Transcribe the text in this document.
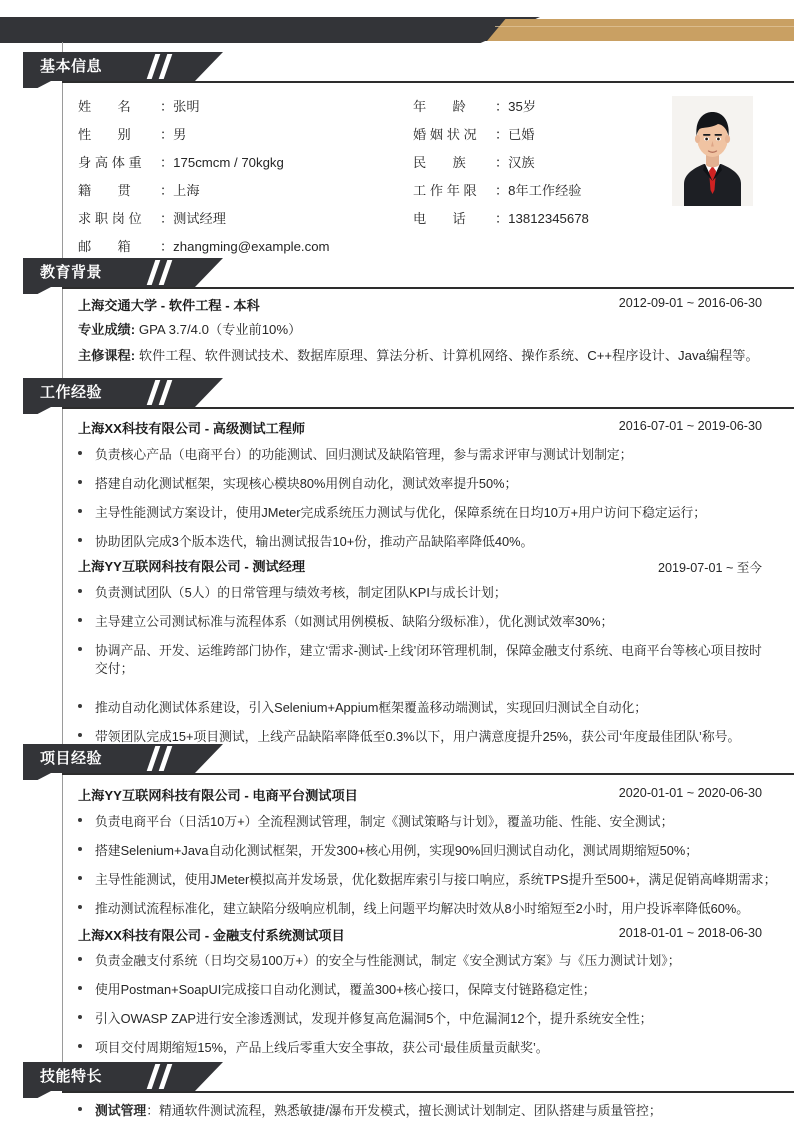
基本信息
姓　　名 ：张明
性　　别 ：男
身 高 体 重 ：175cmcm / 70kgkg
籍　　贯 ：上海
求 职 岗 位 ：测试经理
邮　　箱 ：zhangming@example.com
年　　龄 ：35岁
婚 姻 状 况 ：已婚
民　　族 ：汉族
工 作 年 限 ：8年工作经验
电　　话 ：13812345678
教育背景
上海交通大学 - 软件工程 - 本科	2012-09-01 ~ 2016-06-30
专业成绩: GPA 3.7/4.0（专业前10%）
主修课程: 软件工程、软件测试技术、数据库原理、算法分析、计算机网络、操作系统、C++程序设计、Java编程等。
工作经验
上海XX科技有限公司 - 高级测试工程师	2016-07-01 ~ 2019-06-30
负责核心产品（电商平台）的功能测试、回归测试及缺陷管理，参与需求评审与测试计划制定；
搭建自动化测试框架，实现核心模块80%用例自动化，测试效率提升50%；
主导性能测试方案设计，使用JMeter完成系统压力测试与优化，保障系统在日均10万+用户访问下稳定运行；
协助团队完成3个版本迭代，输出测试报告10+份，推动产品缺陷率降低40%。
上海YY互联网科技有限公司 - 测试经理	2019-07-01 ~ 至今
负责测试团队（5人）的日常管理与绩效考核，制定团队KPI与成长计划；
主导建立公司测试标准与流程体系（如测试用例模板、缺陷分级标准），优化测试效率30%；
协调产品、开发、运维跨部门协作，建立‘需求-测试-上线’闭环管理机制，保障金融支付系统、电商平台等核心项目按时交付；
推动自动化测试体系建设，引入Selenium+Appium框架覆盖移动端测试，实现回归测试全自动化；
带领团队完成15+项目测试，上线产品缺陷率降低至0.3%以下，用户满意度提升25%，获公司‘年度最佳团队’称号。
项目经验
上海YY互联网科技有限公司 - 电商平台测试项目	2020-01-01 ~ 2020-06-30
负责电商平台（日活10万+）全流程测试管理，制定《测试策略与计划》，覆盖功能、性能、安全测试；
搭建Selenium+Java自动化测试框架，开发300+核心用例，实现90%回归测试自动化，测试周期缩短50%；
主导性能测试，使用JMeter模拟高并发场景，优化数据库索引与接口响应，系统TPS提升至500+，满足促销高峰期需求；
推动测试流程标准化，建立缺陷分级响应机制，线上问题平均解决时效从8小时缩短至2小时，用户投诉率降低60%。
上海XX科技有限公司 - 金融支付系统测试项目	2018-01-01 ~ 2018-06-30
负责金融支付系统（日均交易100万+）的安全与性能测试，制定《安全测试方案》与《压力测试计划》；
使用Postman+SoapUI完成接口自动化测试，覆盖300+核心接口，保障支付链路稳定性；
引入OWASP ZAP进行安全渗透测试，发现并修复高危漏洞5个，中危漏洞12个，提升系统安全性；
项目交付周期缩短15%，产品上线后零重大安全事故，获公司‘最佳质量贡献奖’。
技能特长
测试管理：精通软件测试流程，熟悉敏捷/瀑布开发模式，擅长测试计划制定、团队搭建与质量管控；
